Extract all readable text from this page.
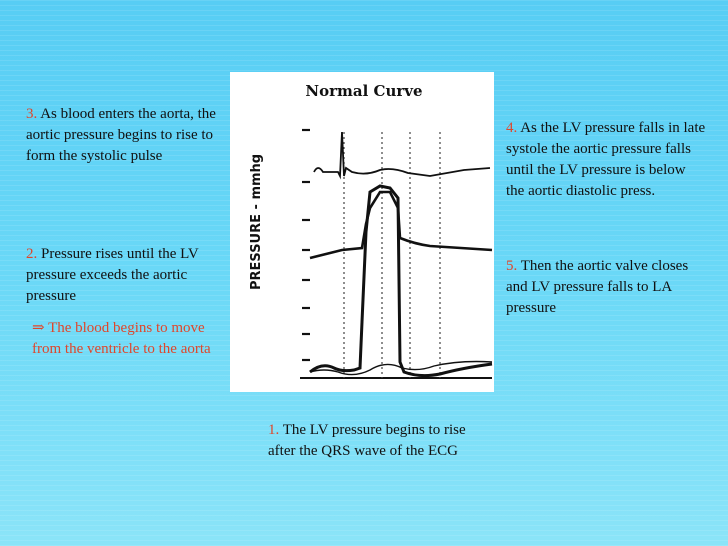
3. As blood enters the aorta, the aortic pressure begins to rise to form the systolic pulse
2. Pressure rises until the LV pressure exceeds the aortic pressure
⇒ The blood begins to move from the ventricle to the aorta
1. The LV pressure begins to rise after the QRS wave of the ECG
4. As the LV pressure falls in late systole the aortic pressure falls until the LV pressure is below the aortic diastolic press.
5. Then the aortic valve closes and LV pressure falls to LA pressure
Normal Curve
PRESSURE - mmhg
